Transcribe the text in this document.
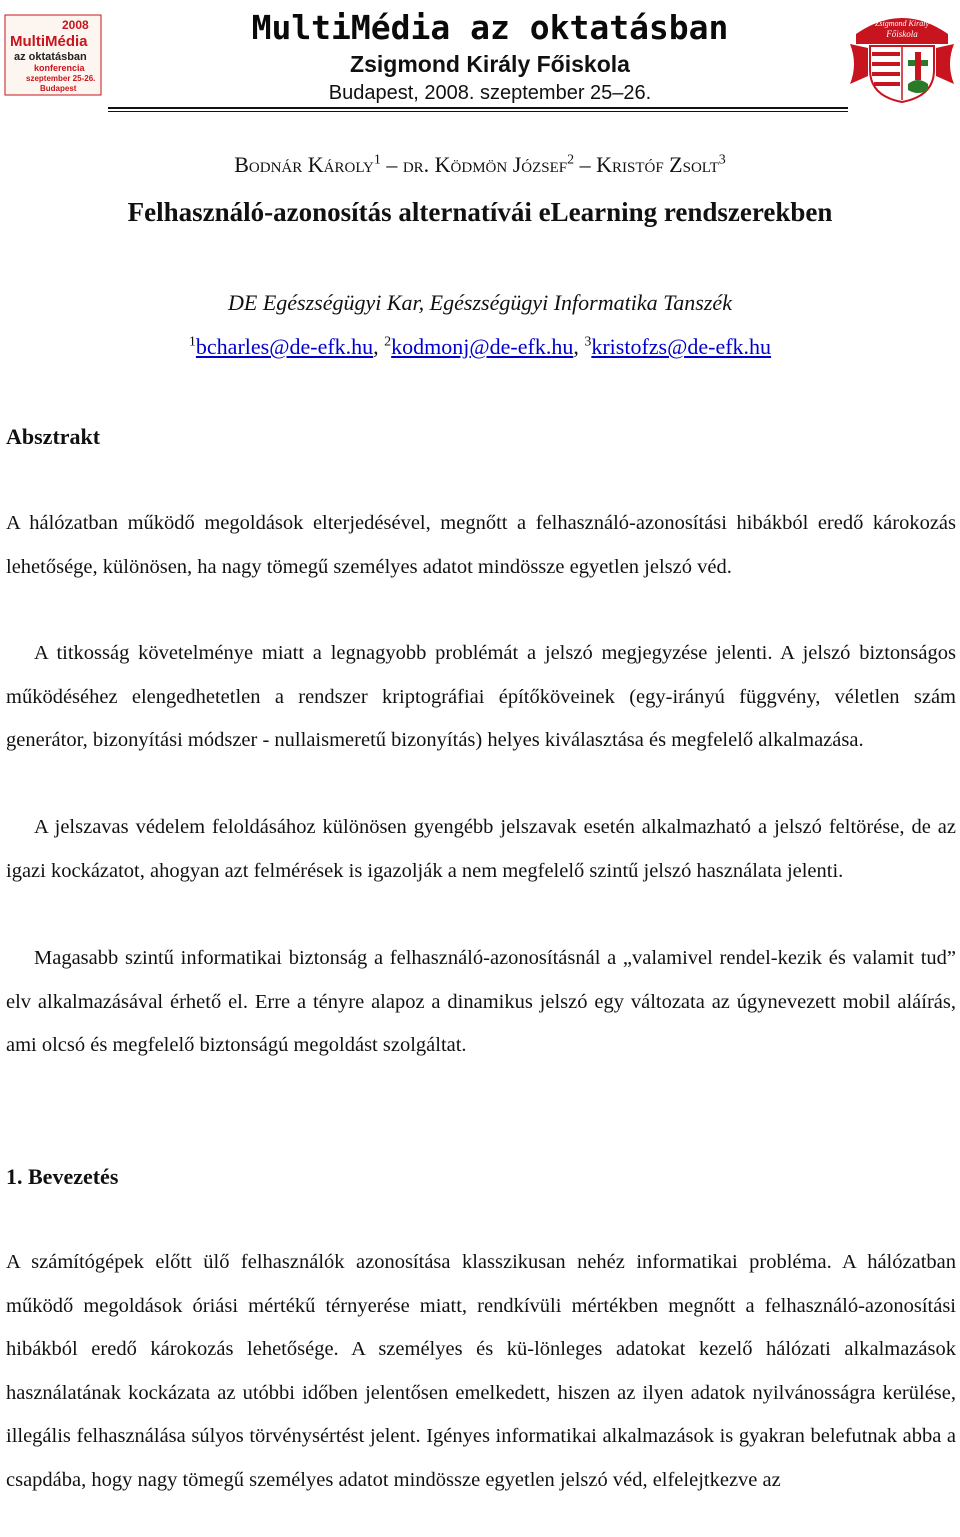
2008
MultiMédia
az oktatásban
konferencia
szeptember 25-26.
Budapest
MultiMédia az oktatásban
Zsigmond Király Főiskola
Budapest, 2008. szeptember 25–26.
Zsigmond Király
Főiskola
Bodnár Károly$^1$ – dr. Ködmön József$^2$ – Kristóf Zsolt$^3$
Felhasználó-azonosítás alternatívái eLearning rendszerekben
DE Egészségügyi Kar, Egészségügyi Informatika Tanszék
$^1$bcharles@de-efk.hu, $^2$kodmonj@de-efk.hu, $^3$kristofzs@de-efk.hu
Absztrakt

A hálózatban működő megoldások elterjedésével, megnőtt a felhasználó-azonosítási hibákból eredő károkozás lehetősége, különösen, ha nagy tömegű személyes adatot mindössze egyetlen jelszó véd.

A titkosság követelménye miatt a legnagyobb problémát a jelszó megjegyzése jelenti. A jelszó biztonságos működéséhez elengedhetetlen a rendszer kriptográfiai építőköveinek (egy-irányú függvény, véletlen szám generátor, bizonyítási módszer - nullaismeretű bizonyítás) helyes kiválasztása és megfelelő alkalmazása.

A jelszavas védelem feloldásához különösen gyengébb jelszavak esetén alkalmazható a jelszó feltörése, de az igazi kockázatot, ahogyan azt felmérések is igazolják a nem megfelelő szintű jelszó használata jelenti.

Magasabb szintű informatikai biztonság a felhasználó-azonosításnál a „valamivel rendel-kezik és valamit tud” elv alkalmazásával érhető el. Erre a tényre alapoz a dinamikus jelszó egy változata az úgynevezett mobil aláírás, ami olcsó és megfelelő biztonságú megoldást szolgáltat.

1. Bevezetés

A számítógépek előtt ülő felhasználók azonosítása klasszikusan nehéz informatikai probléma. A hálózatban működő megoldások óriási mértékű térnyerése miatt, rendkívüli mértékben megnőtt a felhasználó-azonosítási hibákból eredő károkozás lehetősége. A személyes és kü-lönleges adatokat kezelő hálózati alkalmazások használatának kockázata az utóbbi időben jelentősen emelkedett, hiszen az ilyen adatok nyilvánosságra kerülése, illegális felhasználása súlyos törvénysértést jelent. Igényes informatikai alkalmazások is gyakran belefutnak abba a csapdába, hogy nagy tömegű személyes adatot mindössze egyetlen jelszó véd, elfelejtkezve az
